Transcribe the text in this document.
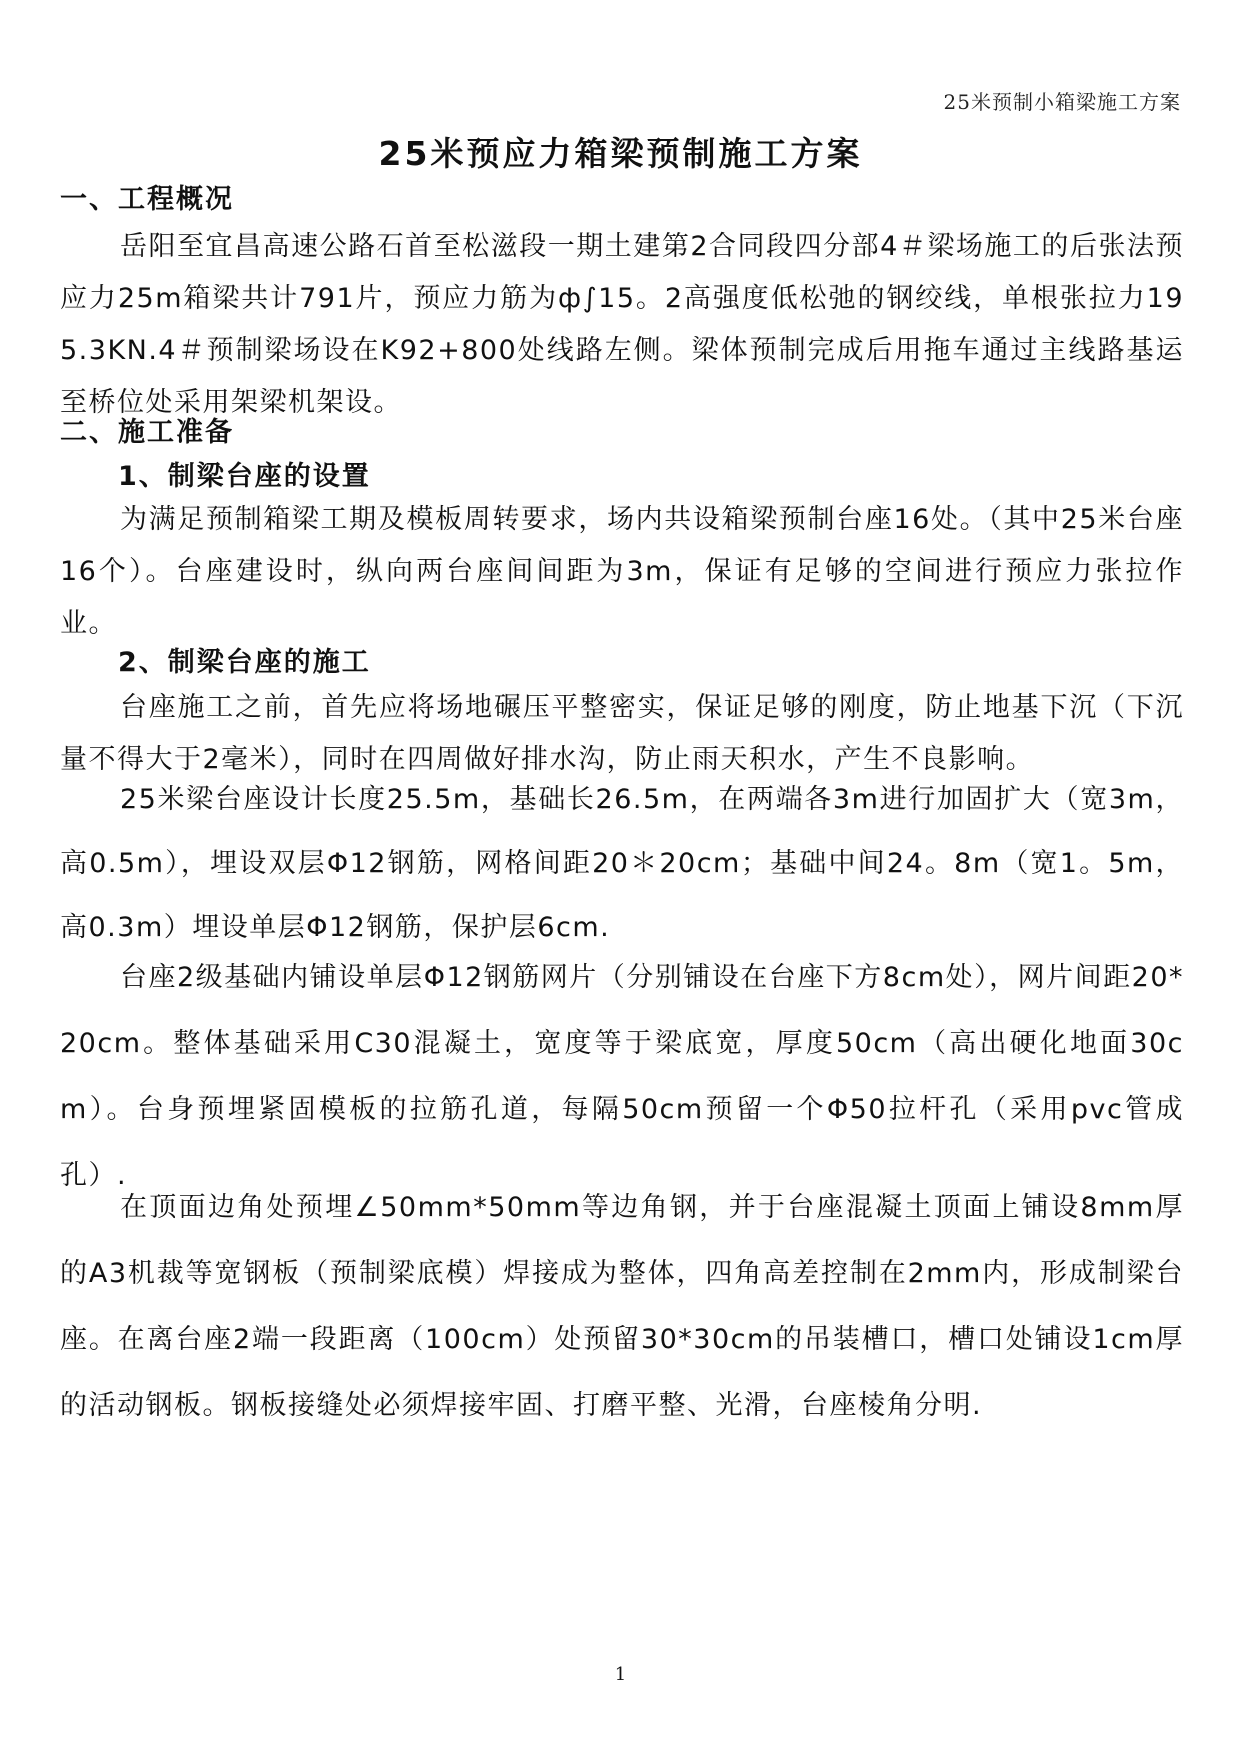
25米预制小箱梁施工方案
25米预应力箱梁预制施工方案
一、工程概况
岳阳至宜昌高速公路石首至松滋段一期土建第2合同段四分部4＃梁场施工的后张法预应力25m箱梁共计791片，预应力筋为ф∫15。2高强度低松弛的钢绞线，单根张拉力195.3KN.4＃预制梁场设在K92+800处线路左侧。梁体预制完成后用拖车通过主线路基运至桥位处采用架梁机架设。
二、施工准备
1、制梁台座的设置
为满足预制箱梁工期及模板周转要求，场内共设箱梁预制台座16处。（其中25米台座16个）。台座建设时，纵向两台座间间距为3m，保证有足够的空间进行预应力张拉作业。
2、制梁台座的施工
台座施工之前，首先应将场地碾压平整密实，保证足够的刚度，防止地基下沉（下沉量不得大于2毫米），同时在四周做好排水沟，防止雨天积水，产生不良影响。
25米梁台座设计长度25.5m，基础长26.5m，在两端各3m进行加固扩大（宽3m，高0.5m），埋设双层Φ12钢筋，网格间距20＊20cm；基础中间24。8m（宽1。5m，高0.3m）埋设单层Φ12钢筋，保护层6cm.
台座2级基础内铺设单层Φ12钢筋网片（分别铺设在台座下方8cm处），网片间距20*20cm。整体基础采用C30混凝土，宽度等于梁底宽，厚度50cm（高出硬化地面30cm）。台身预埋紧固模板的拉筋孔道，每隔50cm预留一个Φ50拉杆孔（采用pvc管成孔）.
在顶面边角处预埋∠50mm*50mm等边角钢，并于台座混凝土顶面上铺设8mm厚的A3机裁等宽钢板（预制梁底模）焊接成为整体，四角高差控制在2mm内，形成制梁台座。在离台座2端一段距离（100cm）处预留30*30cm的吊装槽口，槽口处铺设1cm厚的活动钢板。钢板接缝处必须焊接牢固、打磨平整、光滑，台座棱角分明.
1
